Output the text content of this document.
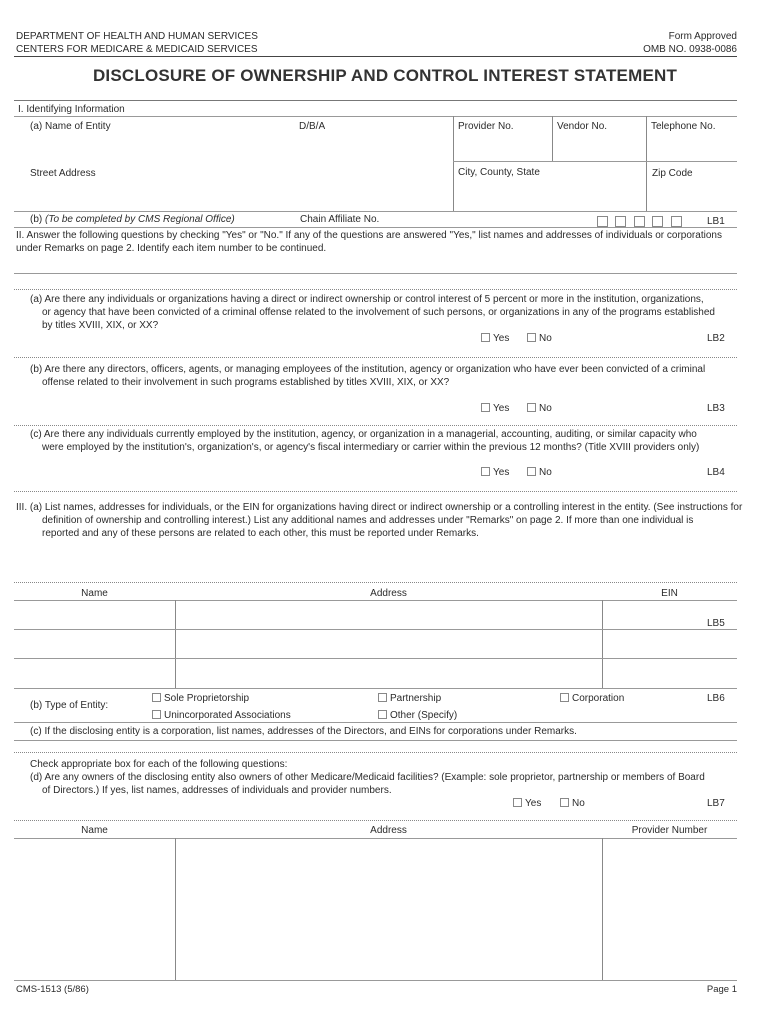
DEPARTMENT OF HEALTH AND HUMAN SERVICES
CENTERS FOR MEDICARE & MEDICAID SERVICES
Form Approved
OMB NO. 0938-0086
DISCLOSURE OF OWNERSHIP AND CONTROL INTEREST STATEMENT
I. Identifying Information
(a) Name of Entity	D/B/A	Provider No.	Vendor No.	Telephone No.
Street Address	City, County, State	Zip Code
(b) (To be completed by CMS Regional Office)	Chain Affiliate No.
	LB1
II. Answer the following questions by checking "Yes" or "No." If any of the questions are answered "Yes," list names and addresses of individuals or corporations under Remarks on page 2. Identify each item number to be continued.
(a) Are there any individuals or organizations having a direct or indirect ownership or control interest of 5 percent or more in the institution, organizations,
or agency that have been convicted of a criminal offense related to the involvement of such persons, or organizations in any of the programs established
by titles XVIII, XIX, or XX?
Yes	No	LB2
(b) Are there any directors, officers, agents, or managing employees of the institution, agency or organization who have ever been convicted of a criminal
offense related to their involvement in such programs established by titles XVIII, XIX, or XX?
Yes	No	LB3
(c) Are there any individuals currently employed by the institution, agency, or organization in a managerial, accounting, auditing, or similar capacity who
were employed by the institution's, organization's, or agency's fiscal intermediary or carrier within the previous 12 months? (Title XVIII providers only)
Yes	No	LB4
III. (a) List names, addresses for individuals, or the EIN for organizations having direct or indirect ownership or a controlling interest in the entity. (See instructions for
definition of ownership and controlling interest.) List any additional names and addresses under "Remarks" on page 2. If more than one individual is
reported and any of these persons are related to each other, this must be reported under Remarks.
Name	Address	EIN
LB5
(b) Type of Entity:
Sole Proprietorship	Partnership	Corporation	LB6
Unincorporated Associations	Other (Specify)
(c) If the disclosing entity is a corporation, list names, addresses of the Directors, and EINs for corporations under Remarks.
Check appropriate box for each of the following questions:
(d) Are any owners of the disclosing entity also owners of other Medicare/Medicaid facilities? (Example: sole proprietor, partnership or members of Board
of Directors.) If yes, list names, addresses of individuals and provider numbers.
Yes	No	LB7
Name	Address	Provider Number
CMS-1513 (5/86)	Page 1
